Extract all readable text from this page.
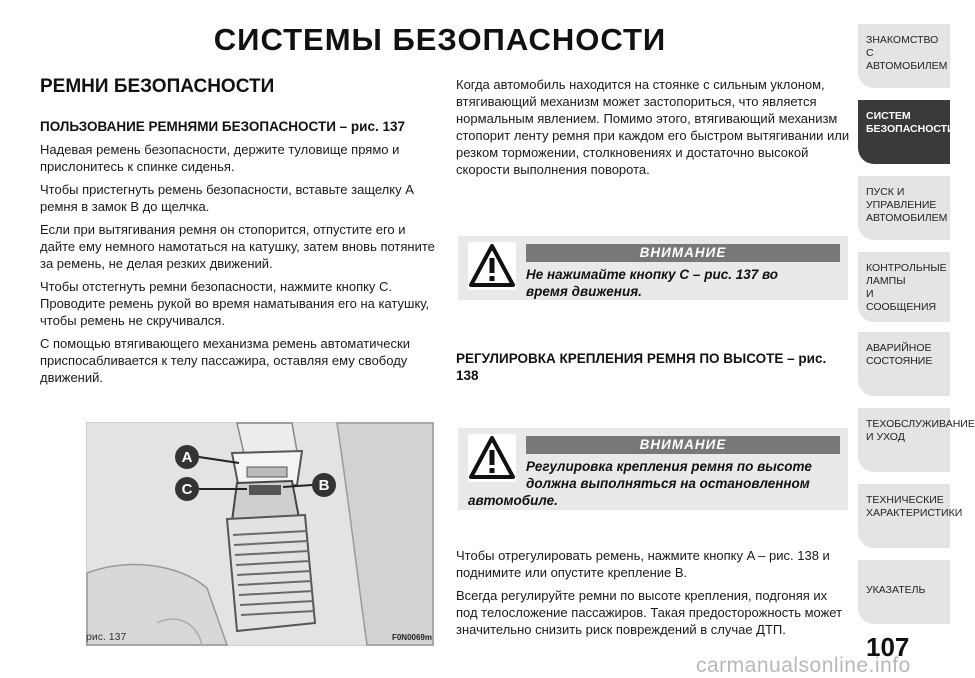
СИСТЕМЫ БЕЗОПАСНОСТИ
РЕМНИ БЕЗОПАСНОСТИ
ПОЛЬЗОВАНИЕ РЕМНЯМИ БЕЗОПАСНОСТИ – рис. 137

Надевая ремень безопасности, держите туловище прямо и прислонитесь к спинке сиденья.

Чтобы пристегнуть ремень безопасности, вставьте защелку A ремня в замок B до щелчка.

Если при вытягивания ремня он стопорится, отпустите его и дайте ему немного намотаться на катушку, затем вновь потяните за ремень, не делая резких движений.

Чтобы отстегнуть ремни безопасности, нажмите кнопку C. Проводите ремень рукой во время наматывания его на катушку, чтобы ремень не скручивался.

С помощью втягивающего механизма ремень автоматически приспосабливается к телу пассажира, оставляя ему свободу движений.

A
C	B
рис. 137	F0N0069m

Когда автомобиль находится на стоянке с сильным уклоном, втягивающий механизм может застопориться, что является нормальным явлением. Помимо этого, втягивающий механизм стопорит ленту ремня при каждом его быстром вытягивании или резком торможении, столкновениях и достаточно высокой скорости выполнения поворота.

ВНИМАНИЕ
Не нажимайте кнопку C – рис. 137 во
время движения.
РЕГУЛИРОВКА КРЕПЛЕНИЯ РЕМНЯ ПО ВЫСОТЕ – рис. 138
ВНИМАНИЕ
Регулировка крепления ремня по высоте
должна выполняться на остановленном
автомобиле.

Чтобы отрегулировать ремень, нажмите кнопку A – рис. 138 и поднимите или опустите крепление B.

Всегда регулируйте ремни по высоте крепления, подгоняя их под телосложение пассажиров. Такая предосторожность может значительно снизить риск повреждений в случае ДТП.

ЗНАКОМСТВО С
АВТОМОБИЛЕМ
СИСТЕМ
БЕЗОПАСНОСТИ
ПУСК И УПРАВЛЕНИЕ
АВТОМОБИЛЕМ
КОНТРОЛЬНЫЕ
ЛАМПЫ
И СООБЩЕНИЯ
АВАРИЙНОЕ
СОСТОЯНИЕ
ТЕХОБСЛУЖИВАНИЕ
И УХОД
ТЕХНИЧЕСКИЕ
ХАРАКТЕРИСТИКИ
УКАЗАТЕЛЬ
107
carmanualsonline.info
